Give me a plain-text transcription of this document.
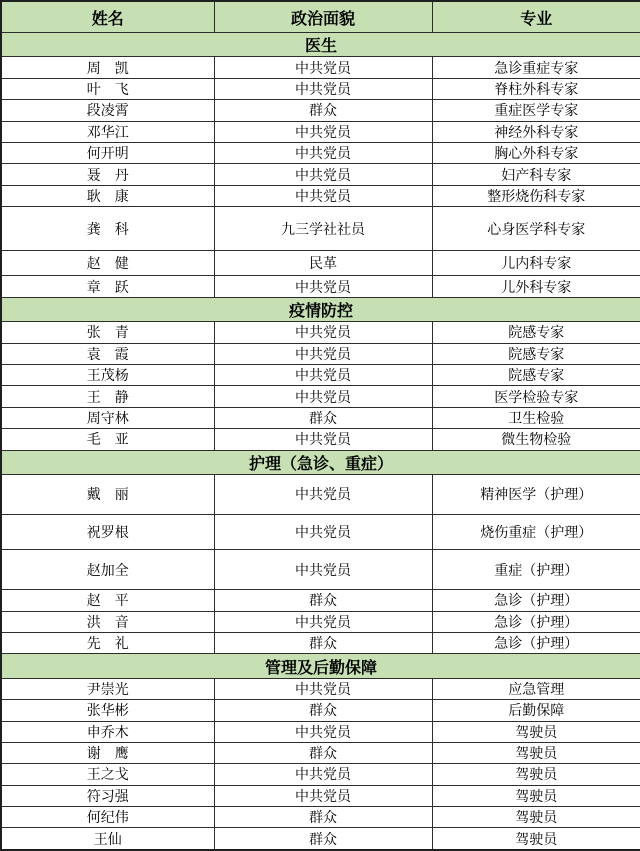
姓名	政治面貌	专业
医生		
周　凯	中共党员	急诊重症专家
叶　飞	中共党员	脊柱外科专家
段凌霄	群众	重症医学专家
邓华江	中共党员	神经外科专家
何开明	中共党员	胸心外科专家
聂　丹	中共党员	妇产科专家
耿　康	中共党员	整形烧伤科专家
龚　科	九三学社社员	心身医学科专家
赵　健	民革	儿内科专家
章　跃	中共党员	儿外科专家
疫情防控		
张　青	中共党员	院感专家
袁　霞	中共党员	院感专家
王茂杨	中共党员	院感专家
王　静	中共党员	医学检验专家
周守林	群众	卫生检验
毛　亚	中共党员	微生物检验
护理（急诊、重症）		
戴　丽	中共党员	精神医学（护理）
祝罗根	中共党员	烧伤重症（护理）
赵加全	中共党员	重症（护理）
赵　平	群众	急诊（护理）
洪　音	中共党员	急诊（护理）
先　礼	群众	急诊（护理）
管理及后勤保障		
尹崇光	中共党员	应急管理
张华彬	群众	后勤保障
申乔木	中共党员	驾驶员
谢　鹰	群众	驾驶员
王之戈	中共党员	驾驶员
符习强	中共党员	驾驶员
何纪伟	群众	驾驶员
王仙	群众	驾驶员
